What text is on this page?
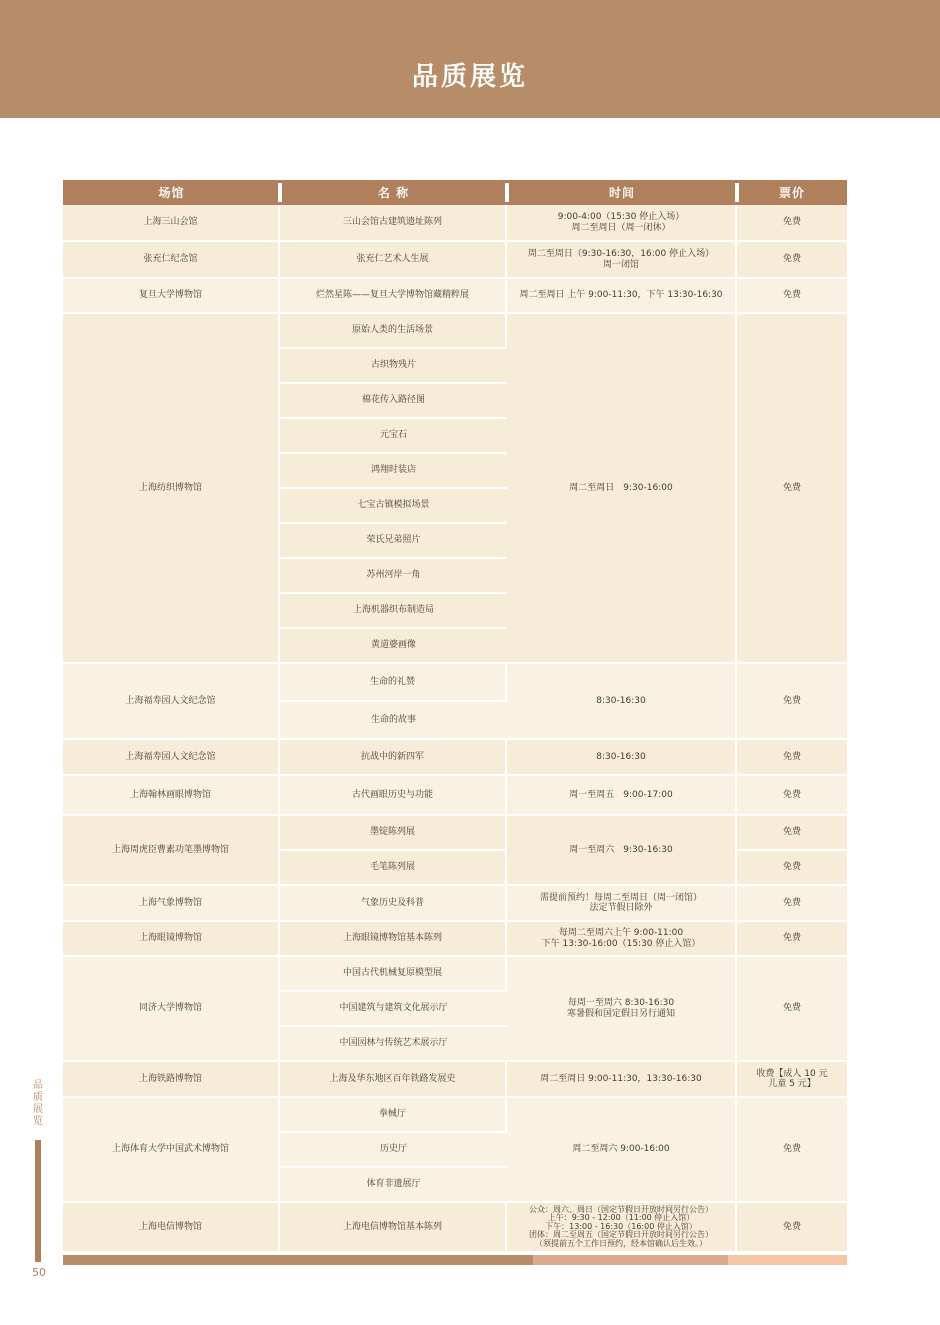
品质展览
场馆	名 称	时间	票价
上海三山会馆	三山会馆古建筑遗址陈列	9:00-4:00（15:30 停止入场）
周二至周日（周一闭休）	免费
张充仁纪念馆	张充仁艺术人生展	周二至周日（9:30-16:30，16:00 停止入场）
周一闭馆	免费
复旦大学博物馆	烂然星陈——复旦大学博物馆藏精粹展	周二至周日 上午 9:00-11:30，下午 13:30-16:30	免费
上海纺织博物馆	原始人类的生活场景	周二至周日　9:30-16:00	免费
	古织物残片		
	棉花传入路径图		
	元宝石		
	鸿翔时装店		
	七宝古镇模拟场景		
	荣氏兄弟照片		
	苏州河岸一角		
	上海机器织布制造局		
	黄道婆画像		
上海福寿园人文纪念馆	生命的礼赞	8:30-16:30	免费
	生命的故事		
上海福寿园人文纪念馆	抗战中的新四军	8:30-16:30	免费
上海翰林画眼博物馆	古代画眼历史与功能	周一至周五　9:00-17:00	免费
上海周虎臣曹素功笔墨博物馆	墨锭陈列展	周一至周六　9:30-16:30	免费
	毛笔陈列展		免费
上海气象博物馆	气象历史及科普	需提前预约！每周二至周日（周一闭馆）
法定节假日除外	免费
上海眼镜博物馆	上海眼镜博物馆基本陈列	每周二至周六上午 9:00-11:00
下午 13:30-16:00（15:30 停止入馆）	免费
同济大学博物馆	中国古代机械复原模型展	每周一至周六 8:30-16:30
寒暑假和国定假日另行通知	免费
	中国建筑与建筑文化展示厅		
	中国园林与传统艺术展示厅		
上海铁路博物馆	上海及华东地区百年铁路发展史	周二至周日 9:00-11:30，13:30-16:30	收费【成人 10 元
儿童 5 元】
上海体育大学中国武术博物馆	拳械厅	周二至周六 9:00-16:00	免费
	历史厅		
	体育非遗展厅		
上海电信博物馆	上海电信博物馆基本陈列	公众：周六、周日（国定节假日开放时间另行公告）
上午：9:30 - 12:00（11:00 停止入馆）
下午：13:00 - 16:30（16:00 停止入馆）
团体：周二至周五（国定节假日开放时间另行公告）
（须提前五个工作日预约，经本馆确认后生效。）	免费
品质展览
50
